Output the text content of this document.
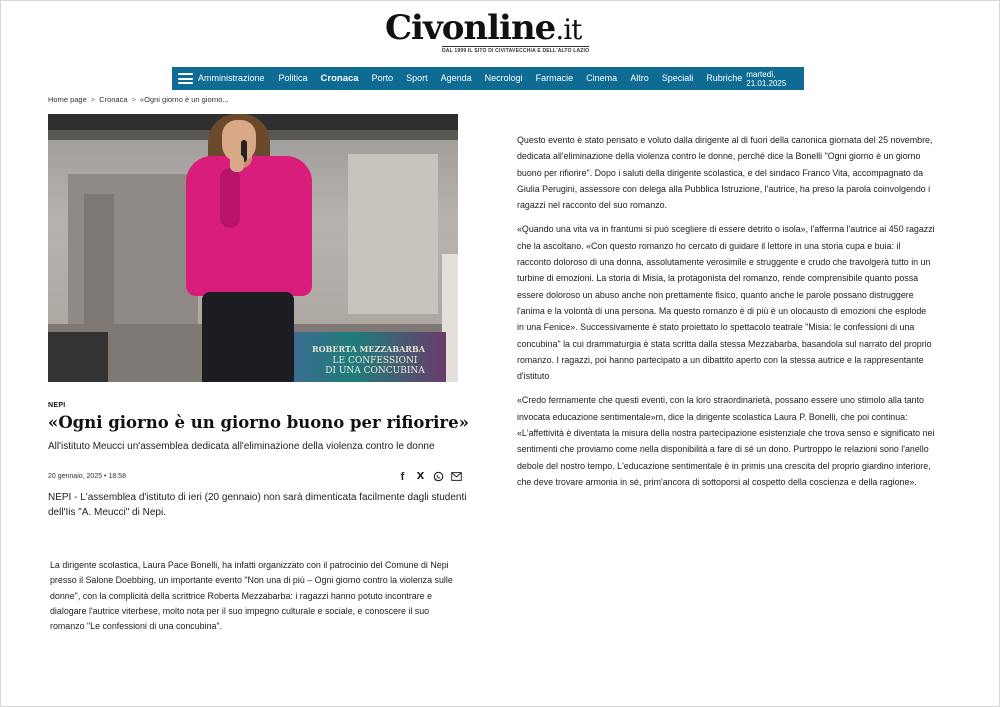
Civonline.it
DAL 1999 IL SITO DI CIVITAVECCHIA E DELL'ALTO LAZIO
Amministrazione Politica Cronaca Porto Sport Agenda Necrologi Farmacie Cinema Altro Speciali Rubriche martedì,
21.01.2025
Home page > Cronaca > «Ogni giorno è un giorno...
ROBERTA MEZZABARBA
LE CONFESSIONI
DI UNA CONCUBINA
NEPI
«Ogni giorno è un giorno buono per rifiorire»
All'istituto Meucci un'assemblea dedicata all'eliminazione della violenza contro le donne
20 gennaio, 2025 • 18:58	f X

NEPI - L'assemblea d'istituto di ieri (20 gennaio) non sarà dimenticata facilmente dagli studenti dell'Iis "A. Meucci" di Nepi.

La dirigente scolastica, Laura Pace Bonelli, ha infatti organizzato con il patrocinio del Comune di Nepi presso il Salone Doebbing, un importante evento "Non una di più – Ogni giorno contro la violenza sulle donne", con la complicità della scrittrice Roberta Mezzabarba: i ragazzi hanno potuto incontrare e dialogare l'autrice viterbese, molto nota per il suo impegno culturale e sociale, e conoscere il suo romanzo "Le confessioni di una concubina".

Questo evento è stato pensato e voluto dalla dirigente al di fuori della canonica giornata del 25 novembre, dedicata all'eliminazione della violenza contro le donne, perché dice la Bonelli "Ogni giorno è un giorno buono per rifiorire". Dopo i saluti della dirigente scolastica, e del sindaco Franco Vita, accompagnato da Giulia Perugini, assessore con delega alla Pubblica Istruzione, l'autrice, ha preso la parola coinvolgendo i ragazzi nel racconto del suo romanzo.

«Quando una vita va in frantumi si può scegliere di essere detrito o isola», l'afferma l'autrice ai 450 ragazzi che la ascoltano. «Con questo romanzo ho cercato di guidare il lettore in una storia cupa e buia: il racconto doloroso di una donna, assolutamente verosimile e struggente e crudo che travolgerà tutto in un turbine di emozioni. La storia di Misia, la protagonista del romanzo, rende comprensibile quanto possa essere doloroso un abuso anche non prettamente fisico, quanto anche le parole possano distruggere l'anima e la volontà di una persona. Ma questo romanzo è di più è un olocausto di emozioni che esplode in una Fenice». Successivamente è stato proiettato lo spettacolo teatrale "Misia: le confessioni di una concubina" la cui drammaturgia è stata scritta dalla stessa Mezzabarba, basandola sul narrato del proprio romanzo. I ragazzi, poi hanno partecipato a un dibattito aperto con la stessa autrice e la rappresentante d'istituto

«Credo fermamente che questi eventi, con la loro straordinarietà, possano essere uno stimolo alla tanto invocata educazione sentimentale»m, dice la dirigente scolastica Laura P. Bonelli, che poi continua: «L'affettività è diventata la misura della nostra partecipazione esistenziale che trova senso e significato nei sentimenti che proviamo come nella disponibilità a fare di sé un dono. Purtroppo le relazioni sono l'anello debole del nostro tempo. L'educazione sentimentale è in primis una crescita del proprio giardino interiore, che deve trovare armonia in sé, prim'ancora di sottoporsi al cospetto della coscienza e della ragione».
